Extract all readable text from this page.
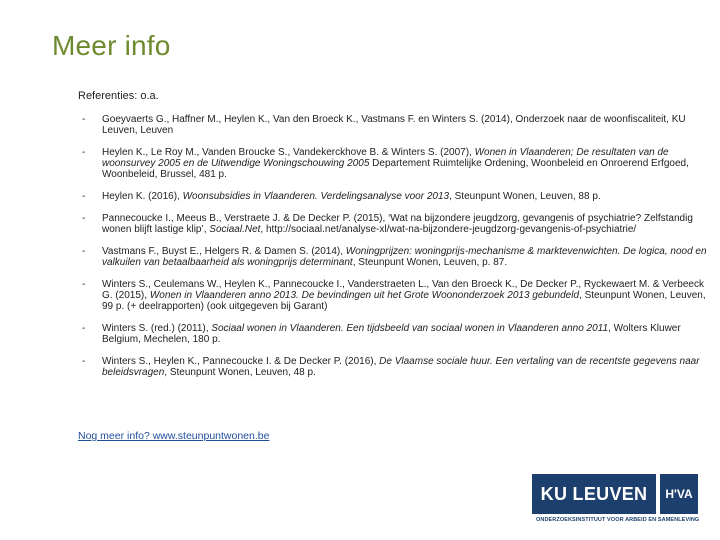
Meer info
Referenties: o.a.
- Goeyvaerts G., Haffner M., Heylen K., Van den Broeck K., Vastmans F. en Winters S. (2014), Onderzoek naar de woonfiscaliteit, KU Leuven, Leuven
- Heylen K., Le Roy M., Vanden Broucke S., Vandekerckhove B. & Winters S. (2007), Wonen in Vlaanderen; De resultaten van de woonsurvey 2005 en de Uitwendige Woningschouwing 2005 Departement Ruimtelijke Ordening, Woonbeleid en Onroerend Erfgoed, Woonbeleid, Brussel, 481 p.
- Heylen K. (2016), Woonsubsidies in Vlaanderen. Verdelingsanalyse voor 2013, Steunpunt Wonen, Leuven, 88 p.
- Pannecoucke I., Meeus B., Verstraete J. & De Decker P. (2015), ‘Wat na bijzondere jeugdzorg, gevangenis of psychiatrie? Zelfstandig wonen blijft lastige klip’, Sociaal.Net, http://sociaal.net/analyse-xl/wat-na-bijzondere-jeugdzorg-gevangenis-of-psychiatrie/
- Vastmans F., Buyst E., Helgers R. & Damen S. (2014), Woningprijzen: woningprijs-mechanisme & marktevenwichten. De logica, nood en valkuilen van betaalbaarheid als woningprijs determinant, Steunpunt Wonen, Leuven, p. 87.
- Winters S., Ceulemans W., Heylen K., Pannecoucke I., Vanderstraeten L., Van den Broeck K., De Decker P., Ryckewaert M. & Verbeeck G. (2015), Wonen in Vlaanderen anno 2013. De bevindingen uit het Grote Woononderzoek 2013 gebundeld, Steunpunt Wonen, Leuven, 99 p. (+ deelrapporten) (ook uitgegeven bij Garant)
- Winters S. (red.) (2011), Sociaal wonen in Vlaanderen. Een tijdsbeeld van sociaal wonen in Vlaanderen anno 2011, Wolters Kluwer Belgium, Mechelen, 180 p.
- Winters S., Heylen K., Pannecoucke I. & De Decker P. (2016), De Vlaamse sociale huur. Een vertaling van de recentste gegevens naar beleidsvragen, Steunpunt Wonen, Leuven, 48 p.
Nog meer info? www.steunpuntwonen.be
KU LEUVEN H'VA
ONDERZOEKSINSTITUUT VOOR ARBEID EN SAMENLEVING
